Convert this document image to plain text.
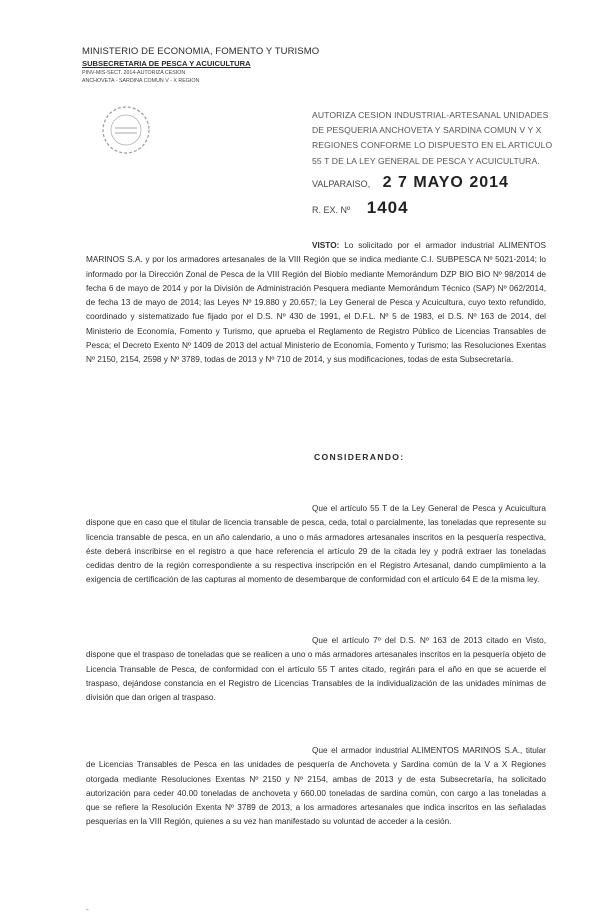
MINISTERIO DE ECONOMIA, FOMENTO Y TURISMO
SUBSECRETARIA DE PESCA Y ACUICULTURA
PINV-MIS-SECT. 2014-AUTORIZA CESION
ANCHOVETA - SARDINA COMUN V - X REGION
AUTORIZA CESION INDUSTRIAL-ARTESANAL UNIDADES DE PESQUERIA ANCHOVETA Y SARDINA COMUN V Y X REGIONES CONFORME LO DISPUESTO EN EL ARTICULO 55 T DE LA LEY GENERAL DE PESCA Y ACUICULTURA.
VALPARAISO, 2 7 MAYO 2014
R. EX. Nº 1404
VISTO: Lo solicitado por el armador industrial ALIMENTOS MARINOS S.A. y por los armadores artesanales de la VIII Región que se indica mediante C.I. SUBPESCA Nº 5021-2014; lo informado por la Dirección Zonal de Pesca de la VIII Región del Biobío mediante Memorándum DZP BIO BIO Nº 98/2014 de fecha 6 de mayo de 2014 y por la División de Administración Pesquera mediante Memorándum Técnico (SAP) Nº 062/2014, de fecha 13 de mayo de 2014; las Leyes Nº 19.880 y 20.657; la Ley General de Pesca y Acuicultura, cuyo texto refundido, coordinado y sistematizado fue fijado por el D.S. Nº 430 de 1991, el D.F.L. Nº 5 de 1983, el D.S. Nº 163 de 2014, del Ministerio de Economía, Fomento y Turismo, que aprueba el Reglamento de Registro Público de Licencias Transables de Pesca; el Decreto Exento Nº 1409 de 2013 del actual Ministerio de Economía, Fomento y Turismo; las Resoluciones Exentas Nº 2150, 2154, 2598 y Nº 3789, todas de 2013 y Nº 710 de 2014, y sus modificaciones, todas de esta Subsecretaría.
CONSIDERANDO:
Que el artículo 55 T de la Ley General de Pesca y Acuicultura dispone que en caso que el titular de licencia transable de pesca, ceda, total o parcialmente, las toneladas que represente su licencia transable de pesca, en un año calendario, a uno o más armadores artesanales inscritos en la pesquería respectiva, éste deberá inscribirse en el registro a que hace referencia el artículo 29 de la citada ley y podrá extraer las toneladas cedidas dentro de la región correspondiente a su respectiva inscripción en el Registro Artesanal, dando cumplimiento a la exigencia de certificación de las capturas al momento de desembarque de conformidad con el artículo 64 E de la misma ley.
Que el artículo 7º del D.S. Nº 163 de 2013 citado en Visto, dispone que el traspaso de toneladas que se realicen a uno o más armadores artesanales inscritos en la pesquería objeto de Licencia Transable de Pesca, de conformidad con el artículo 55 T antes citado, regirán para el año en que se acuerde el traspaso, dejándose constancia en el Registro de Licencias Transables de la individualización de las unidades mínimas de división que dan origen al traspaso.
Que el armador industrial ALIMENTOS MARINOS S.A., titular de Licencias Transables de Pesca en las unidades de pesquería de Anchoveta y Sardina común de la V a X Regiones otorgada mediante Resoluciones Exentas Nº 2150 y Nº 2154, ambas de 2013 y de esta Subsecretaría, ha solicitado autorización para ceder 40.00 toneladas de anchoveta y 660.00 toneladas de sardina común, con cargo a las toneladas a que se refiere la Resolución Exenta Nº 3789 de 2013, a los armadores artesanales que indica inscritos en las señaladas pesquerías en la VIII Región, quienes a su vez han manifestado su voluntad de acceder a la cesión.
-
